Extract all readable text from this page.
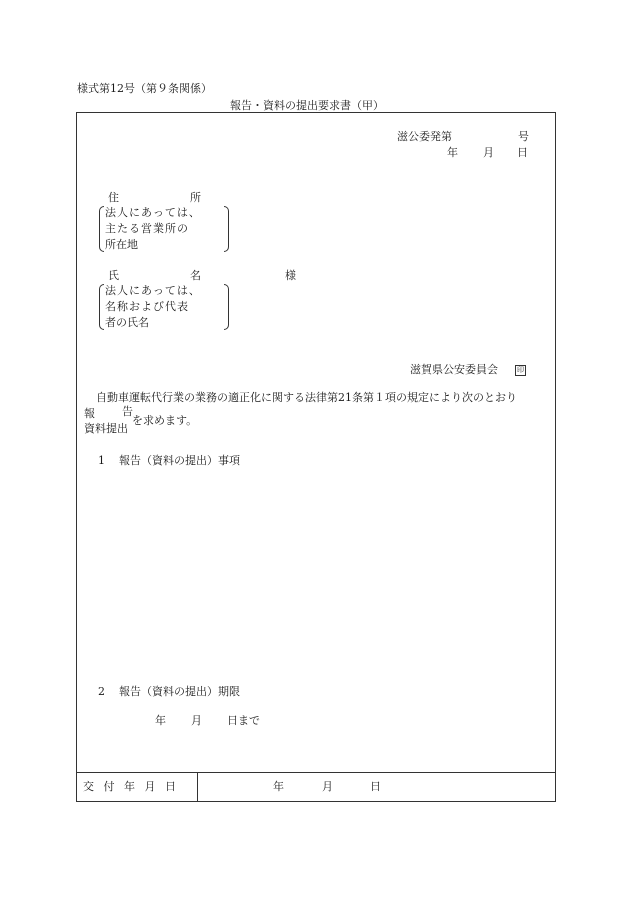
様式第12号（第９条関係）
報告・資料の提出要求書（甲）
滋公委発第	号
年 月 日
住	所
法人にあっては、
主たる営業所の
所在地
氏	名	様
法人にあっては、
名称および代表
者の氏名
滋賀県公安委員会	印
自動車運転代行業の業務の適正化に関する法律第21条第１項の規定により次のとおり
報 告
資料提出
を求めます。
1 報告（資料の提出）事項
2 報告（資料の提出）期限
年 月 日まで
交 付 年 月 日	年	月	日
